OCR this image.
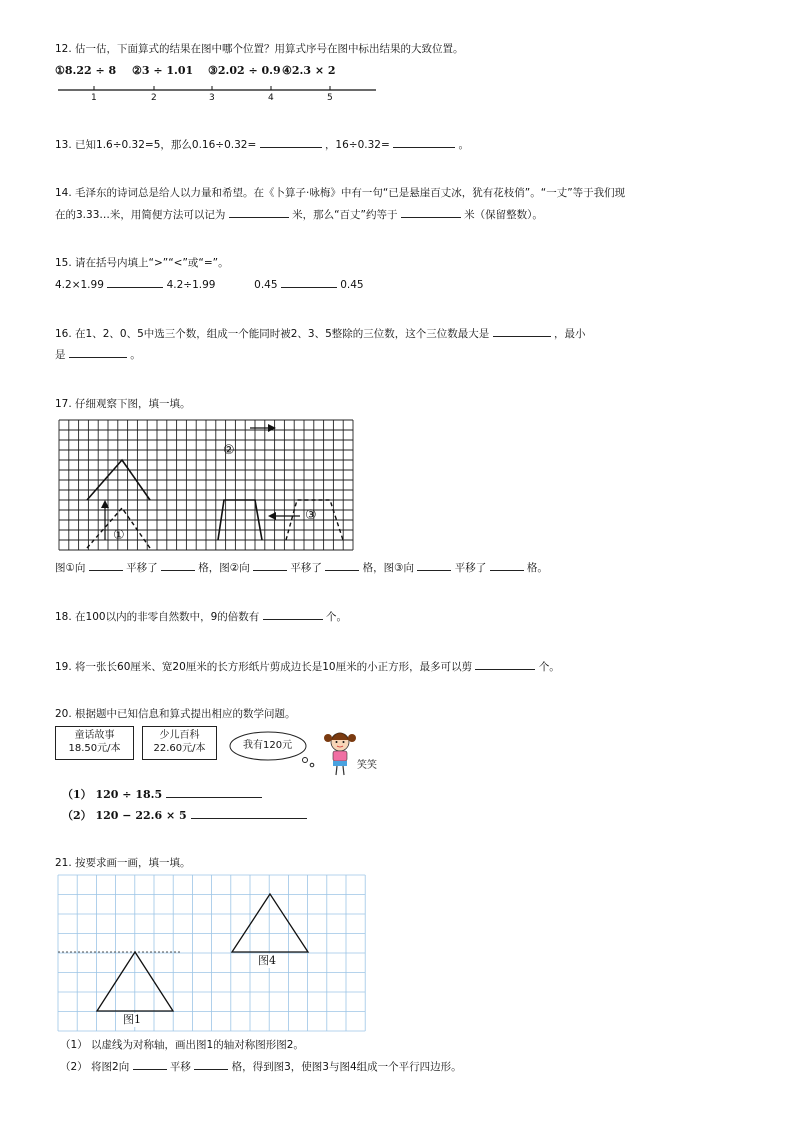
12. 估一估，下面算式的结果在图中哪个位置？用算式序号在图中标出结果的大致位置。
①8.22 ÷ 8 ②3 ÷ 1.01 ③2.02 ÷ 0.9 ④2.3 × 2
1	2	3	4	5
13. 已知1.6÷0.32=5，那么0.16÷0.32=	，16÷0.32=	。
14. 毛泽东的诗词总是给人以力量和希望。在《卜算子·咏梅》中有一句“已是悬崖百丈冰，犹有花枝俏”。“一丈”等于我们现
在的3.33…米，用简便方法可以记为	米，那么“百丈”约等于	米（保留整数）。
15. 请在括号内填上“>”“<”或“=”。
4.2×1.99	4.2÷1.99	0.45	0.45
16. 在1、2、0、5中选三个数，组成一个能同时被2、3、5整除的三位数，这个三位数最大是	，最小
是	。
17. 仔细观察下图，填一填。
①
②
③
图①向	平移了	格，图②向	平移了	格，图③向	平移了	格。
18. 在100以内的非零自然数中，9的倍数有	个。
19. 将一张长60厘米、宽20厘米的长方形纸片剪成边长是10厘米的小正方形，最多可以剪	个。
20. 根据题中已知信息和算式提出相应的数学问题。
童话故事
18.50元/本
少儿百科
22.60元/本	我有120元
笑笑
（1） 120 ÷ 18.5
（2） 120 − 22.6 × 5
21. 按要求画一画，填一填。
图1
图4
（1） 以虚线为对称轴，画出图1的轴对称图形图2。
（2） 将图2向	平移	格，得到图3，使图3与图4组成一个平行四边形。
